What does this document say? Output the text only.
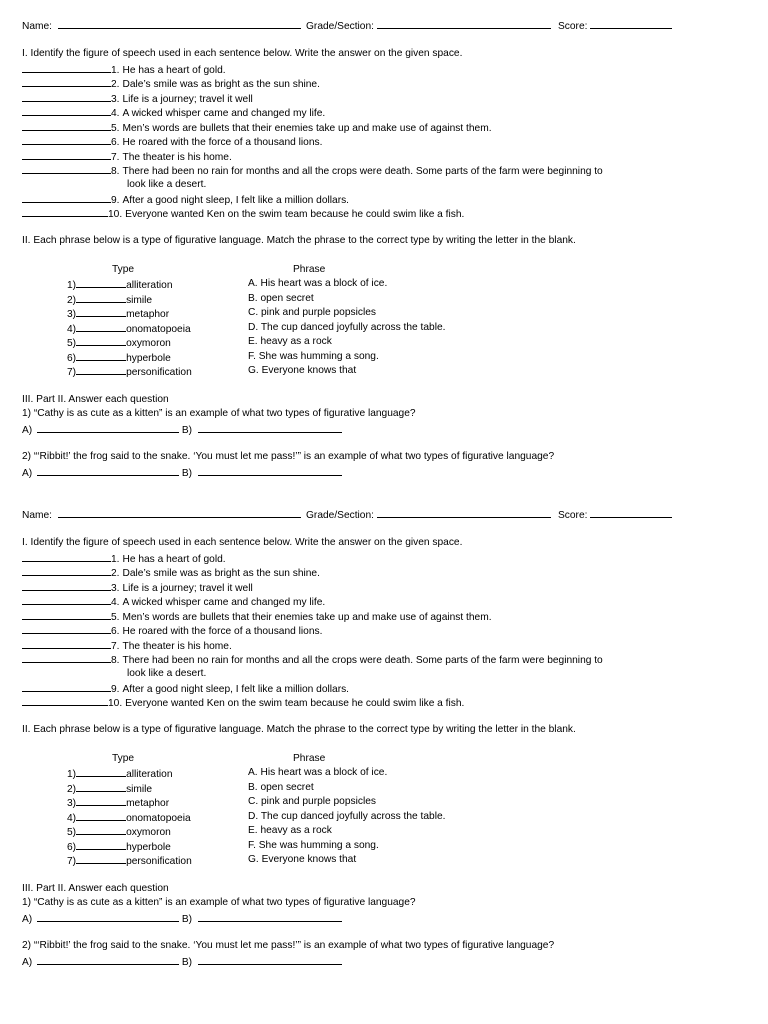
Name:	Grade/Section:	Score:
I. Identify the figure of speech used in each sentence below. Write the answer on the given space.
1. He has a heart of gold.
2. Dale’s smile was as bright as the sun shine.
3. Life is a journey; travel it well
4. A wicked whisper came and changed my life.
5. Men’s words are bullets that their enemies take up and make use of against them.
6. He roared with the force of a thousand lions.
7. The theater is his home.
8. There had been no rain for months and all the crops were death. Some parts of the farm were beginning to
look like a desert.
9. After a good night sleep, I felt like a million dollars.
10. Everyone wanted Ken on the swim team because he could swim like a fish.
II. Each phrase below is a type of figurative language. Match the phrase to the correct type by writing the letter in the blank.
Type	Phrase
1)	alliteration	A. His heart was a block of ice.
2)	simile	B. open secret
3)	metaphor	C. pink and purple popsicles
4)	onomatopoeia	D. The cup danced joyfully across the table.
5)	oxymoron	E. heavy as a rock
6)	hyperbole	F. She was humming a song.
7)	personification	G. Everyone knows that
III. Part II. Answer each question
1) “Cathy is as cute as a kitten” is an example of what two types of figurative language?
A)	B)
2) “‘Ribbit!’ the frog said to the snake. ‘You must let me pass!’” is an example of what two types of figurative language?
A)	B)
Name:	Grade/Section:	Score:
I. Identify the figure of speech used in each sentence below. Write the answer on the given space.
1. He has a heart of gold.
2. Dale’s smile was as bright as the sun shine.
3. Life is a journey; travel it well
4. A wicked whisper came and changed my life.
5. Men’s words are bullets that their enemies take up and make use of against them.
6. He roared with the force of a thousand lions.
7. The theater is his home.
8. There had been no rain for months and all the crops were death. Some parts of the farm were beginning to
look like a desert.
9. After a good night sleep, I felt like a million dollars.
10. Everyone wanted Ken on the swim team because he could swim like a fish.
II. Each phrase below is a type of figurative language. Match the phrase to the correct type by writing the letter in the blank.
Type	Phrase
1)	alliteration	A. His heart was a block of ice.
2)	simile	B. open secret
3)	metaphor	C. pink and purple popsicles
4)	onomatopoeia	D. The cup danced joyfully across the table.
5)	oxymoron	E. heavy as a rock
6)	hyperbole	F. She was humming a song.
7)	personification	G. Everyone knows that
III. Part II. Answer each question
1) “Cathy is as cute as a kitten” is an example of what two types of figurative language?
A)	B)
2) “‘Ribbit!’ the frog said to the snake. ‘You must let me pass!’” is an example of what two types of figurative language?
A)	B)
